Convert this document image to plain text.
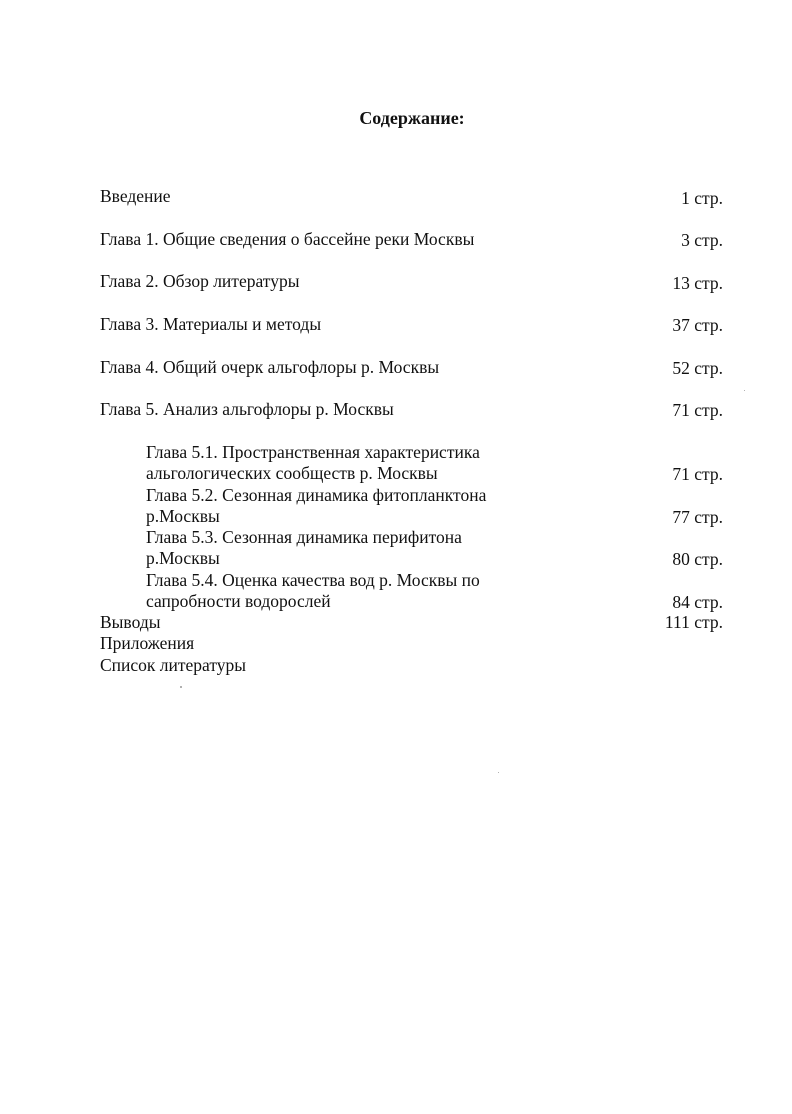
Содержание:
Введение	1 стр.
Глава 1. Общие сведения о бассейне реки Москвы	3 стр.
Глава 2. Обзор литературы	13 стр.
Глава 3. Материалы и методы	37 стр.
Глава 4. Общий очерк альгофлоры р. Москвы	52 стр.
Глава 5. Анализ альгофлоры р. Москвы	71 стр.
Глава 5.1. Пространственная характеристика
альгологических сообществ р. Москвы	71 стр.
Глава 5.2. Сезонная динамика фитопланктона
р.Москвы	77 стр.
Глава 5.3. Сезонная динамика перифитона
р.Москвы	80 стр.
Глава 5.4. Оценка качества вод р. Москвы по
сапробности водорослей	84 стр.
Выводы	111 стр.
Приложения
Список литературы
